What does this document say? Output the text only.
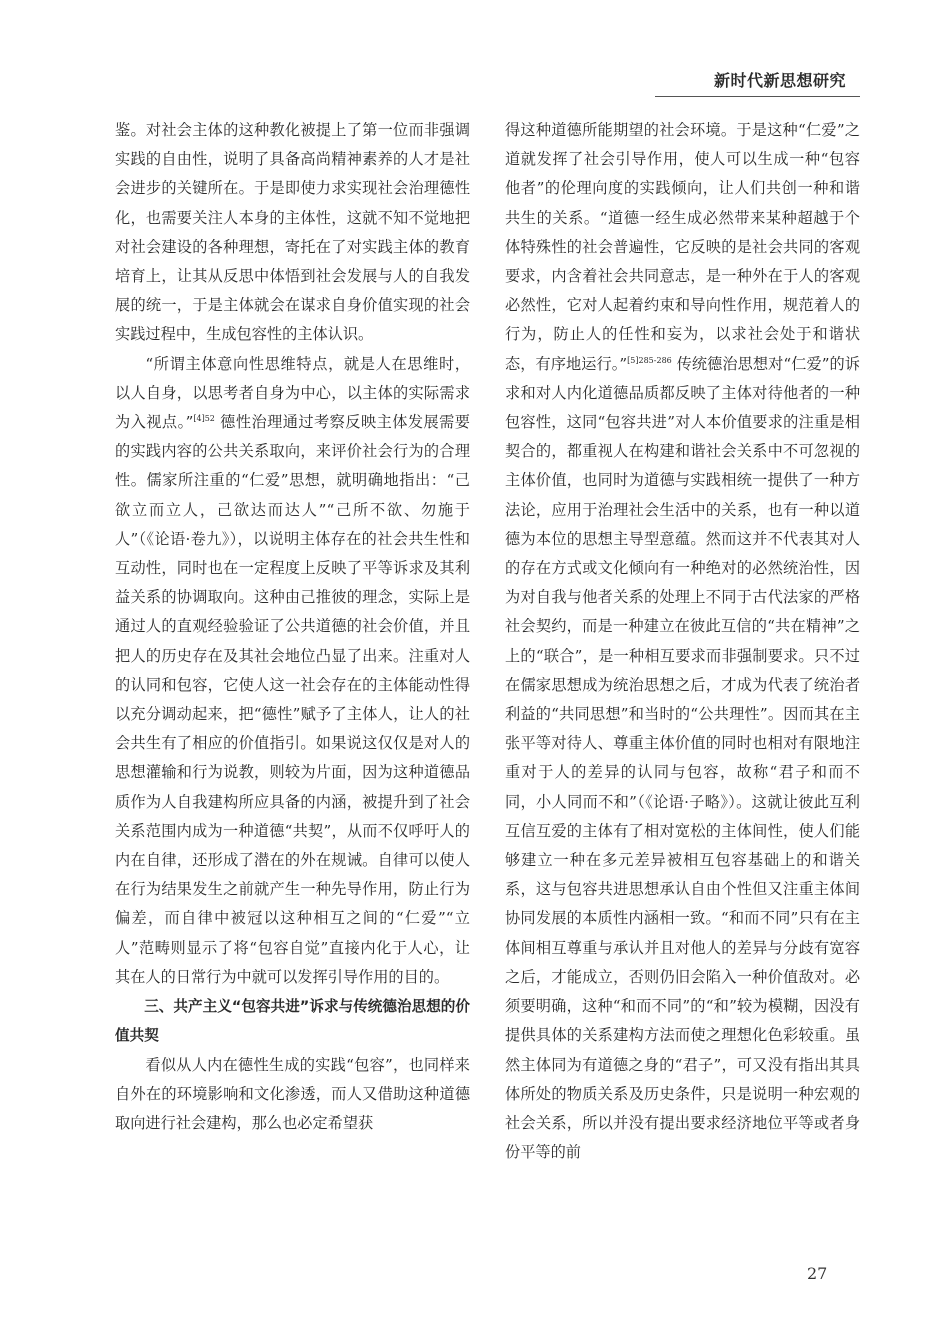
新时代新思想研究

鉴。对社会主体的这种教化被提上了第一位而非强调实践的自由性，说明了具备高尚精神素养的人才是社会进步的关键所在。于是即使力求实现社会治理德性化，也需要关注人本身的主体性，这就不知不觉地把对社会建设的各种理想，寄托在了对实践主体的教育培育上，让其从反思中体悟到社会发展与人的自我发展的统一，于是主体就会在谋求自身价值实现的社会实践过程中，生成包容性的主体认识。

“所谓主体意向性思维特点，就是人在思维时，以人自身，以思考者自身为中心，以主体的实际需求为入视点。”$^{[4]52}$ 德性治理通过考察反映主体发展需要的实践内容的公共关系取向，来评价社会行为的合理性。儒家所注重的“仁爱”思想，就明确地指出：“己欲立而立人，己欲达而达人”“己所不欲、勿施于人”（《论语·卷九》），以说明主体存在的社会共生性和互动性，同时也在一定程度上反映了平等诉求及其利益关系的协调取向。这种由己推彼的理念，实际上是通过人的直观经验验证了公共道德的社会价值，并且把人的历史存在及其社会地位凸显了出来。注重对人的认同和包容，它使人这一社会存在的主体能动性得以充分调动起来，把“德性”赋予了主体人，让人的社会共生有了相应的价值指引。如果说这仅仅是对人的思想灌输和行为说教，则较为片面，因为这种道德品质作为人自我建构所应具备的内涵，被提升到了社会关系范围内成为一种道德“共契”，从而不仅呼吁人的内在自律，还形成了潜在的外在规诫。自律可以使人在行为结果发生之前就产生一种先导作用，防止行为偏差，而自律中被冠以这种相互之间的“仁爱”“立人”范畴则显示了将“包容自觉”直接内化于人心，让其在人的日常行为中就可以发挥引导作用的目的。

三、共产主义“包容共进”诉求与传统德治思想的价值共契

看似从人内在德性生成的实践“包容”，也同样来自外在的环境影响和文化渗透，而人又借助这种道德取向进行社会建构，那么也必定希望获

得这种道德所能期望的社会环境。于是这种“仁爱”之道就发挥了社会引导作用，使人可以生成一种“包容他者”的伦理向度的实践倾向，让人们共创一种和谐共生的关系。“道德一经生成必然带来某种超越于个体特殊性的社会普遍性，它反映的是社会共同的客观要求，内含着社会共同意志，是一种外在于人的客观必然性，它对人起着约束和导向性作用，规范着人的行为，防止人的任性和妄为，以求社会处于和谐状态，有序地运行。”$^{[5]285-286}$ 传统德治思想对“仁爱”的诉求和对人内化道德品质都反映了主体对待他者的一种包容性，这同“包容共进”对人本价值要求的注重是相契合的，都重视人在构建和谐社会关系中不可忽视的主体价值，也同时为道德与实践相统一提供了一种方法论，应用于治理社会生活中的关系，也有一种以道德为本位的思想主导型意蕴。然而这并不代表其对人的存在方式或文化倾向有一种绝对的必然统治性，因为对自我与他者关系的处理上不同于古代法家的严格社会契约，而是一种建立在彼此互信的“共在精神”之上的“联合”，是一种相互要求而非强制要求。只不过在儒家思想成为统治思想之后，才成为代表了统治者利益的“共同思想”和当时的“公共理性”。因而其在主张平等对待人、尊重主体价值的同时也相对有限地注重对于人的差异的认同与包容，故称“君子和而不同，小人同而不和”（《论语·子略》）。这就让彼此互利互信互爱的主体有了相对宽松的主体间性，使人们能够建立一种在多元差异被相互包容基础上的和谐关系，这与包容共进思想承认自由个性但又注重主体间协同发展的本质性内涵相一致。“和而不同”只有在主体间相互尊重与承认并且对他人的差异与分歧有宽容之后，才能成立，否则仍旧会陷入一种价值敌对。必须要明确，这种“和而不同”的“和”较为模糊，因没有提供具体的关系建构方法而使之理想化色彩较重。虽然主体同为有道德之身的“君子”，可又没有指出其具体所处的物质关系及历史条件，只是说明一种宏观的社会关系，所以并没有提出要求经济地位平等或者身份平等的前

27
